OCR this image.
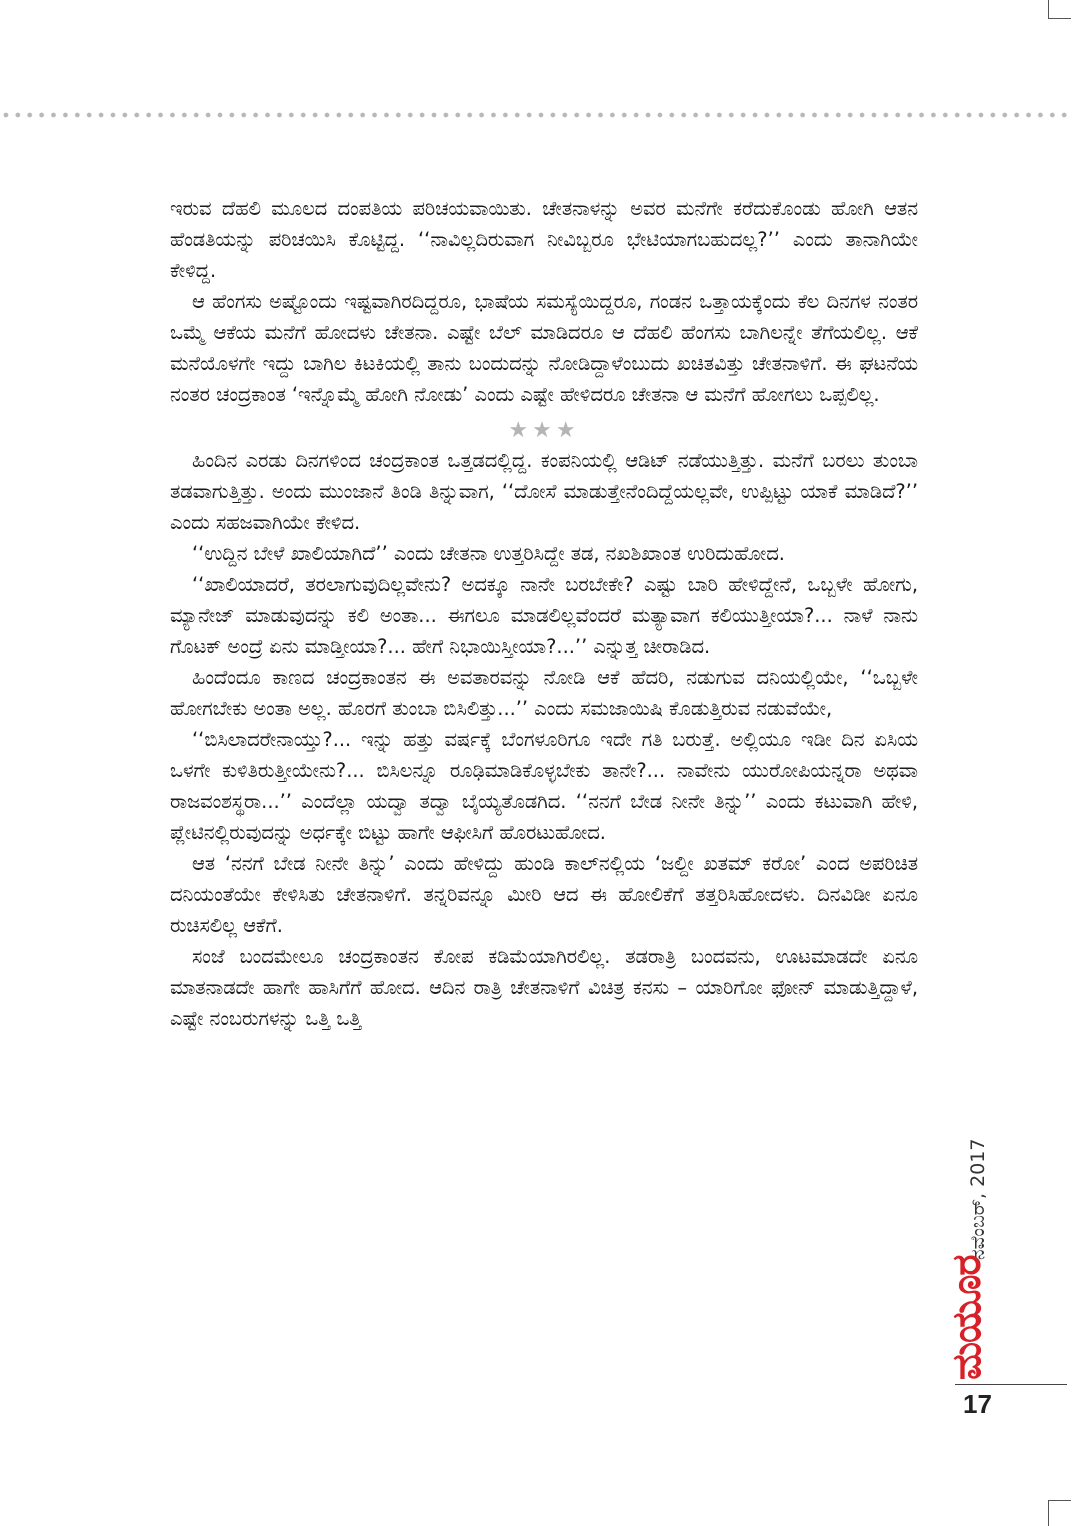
ಇರುವ ದೆಹಲಿ ಮೂಲದ ದಂಪತಿಯ ಪರಿಚಯವಾಯಿತು. ಚೇತನಾಳನ್ನು ಅವರ ಮನೆಗೇ ಕರೆದುಕೊಂಡು ಹೋಗಿ ಆತನ ಹೆಂಡತಿಯನ್ನು ಪರಿಚಯಿಸಿ ಕೊಟ್ಟಿದ್ದ. ‘‘ನಾವಿಲ್ಲದಿರುವಾಗ ನೀವಿಬ್ಬರೂ ಭೇಟಿಯಾಗಬಹುದಲ್ಲ?’’ ಎಂದು ತಾನಾಗಿಯೇ ಕೇಳಿದ್ದ.

ಆ ಹೆಂಗಸು ಅಷ್ಟೊಂದು ಇಷ್ಟವಾಗಿರದಿದ್ದರೂ, ಭಾಷೆಯ ಸಮಸ್ಯೆಯಿದ್ದರೂ, ಗಂಡನ ಒತ್ತಾಯಕ್ಕೆಂದು ಕೆಲ ದಿನಗಳ ನಂತರ ಒಮ್ಮೆ ಆಕೆಯ ಮನೆಗೆ ಹೋದಳು ಚೇತನಾ. ಎಷ್ಟೇ ಬೆಲ್ ಮಾಡಿದರೂ ಆ ದೆಹಲಿ ಹೆಂಗಸು ಬಾಗಿಲನ್ನೇ ತೆಗೆಯಲಿಲ್ಲ. ಆಕೆ ಮನೆಯೊಳಗೇ ಇದ್ದು ಬಾಗಿಲ ಕಿಟಕಿಯಲ್ಲಿ ತಾನು ಬಂದುದನ್ನು ನೋಡಿದ್ದಾಳೆಂಬುದು ಖಚಿತವಿತ್ತು ಚೇತನಾಳಿಗೆ. ಈ ಘಟನೆಯ ನಂತರ ಚಂದ್ರಕಾಂತ ‘ಇನ್ನೊಮ್ಮೆ ಹೋಗಿ ನೋಡು’ ಎಂದು ಎಷ್ಟೇ ಹೇಳಿದರೂ ಚೇತನಾ ಆ ಮನೆಗೆ ಹೋಗಲು ಒಪ್ಪಲಿಲ್ಲ.

★★★

ಹಿಂದಿನ ಎರಡು ದಿನಗಳಿಂದ ಚಂದ್ರಕಾಂತ ಒತ್ತಡದಲ್ಲಿದ್ದ. ಕಂಪನಿಯಲ್ಲಿ ಆಡಿಟ್ ನಡೆಯುತ್ತಿತ್ತು. ಮನೆಗೆ ಬರಲು ತುಂಬಾ ತಡವಾಗುತ್ತಿತ್ತು. ಅಂದು ಮುಂಜಾನೆ ತಿಂಡಿ ತಿನ್ನುವಾಗ, ‘‘ದೋಸೆ ಮಾಡುತ್ತೇನೆಂದಿದ್ದೆಯಲ್ಲವೇ, ಉಪ್ಪಿಟ್ಟು ಯಾಕೆ ಮಾಡಿದೆ?’’ ಎಂದು ಸಹಜವಾಗಿಯೇ ಕೇಳಿದ.

‘‘ಉದ್ದಿನ ಬೇಳೆ ಖಾಲಿಯಾಗಿದೆ’’ ಎಂದು ಚೇತನಾ ಉತ್ತರಿಸಿದ್ದೇ ತಡ, ನಖಶಿಖಾಂತ ಉರಿದುಹೋದ.

‘‘ಖಾಲಿಯಾದರೆ, ತರಲಾಗುವುದಿಲ್ಲವೇನು? ಅದಕ್ಕೂ ನಾನೇ ಬರಬೇಕೇ? ಎಷ್ಟು ಬಾರಿ ಹೇಳಿದ್ದೇನೆ, ಒಬ್ಬಳೇ ಹೋಗು, ಮ್ಯಾನೇಜ್ ಮಾಡುವುದನ್ನು ಕಲಿ ಅಂತಾ... ಈಗಲೂ ಮಾಡಲಿಲ್ಲವೆಂದರೆ ಮತ್ಯಾವಾಗ ಕಲಿಯುತ್ತೀಯಾ?... ನಾಳೆ ನಾನು ಗೊಟಕ್ ಅಂದ್ರೆ ಏನು ಮಾಡ್ತೀಯಾ?... ಹೇಗೆ ನಿಭಾಯಿಸ್ತೀಯಾ?...’’ ಎನ್ನುತ್ತ ಚೀರಾಡಿದ.

ಹಿಂದೆಂದೂ ಕಾಣದ ಚಂದ್ರಕಾಂತನ ಈ ಅವತಾರವನ್ನು ನೋಡಿ ಆಕೆ ಹೆದರಿ, ನಡುಗುವ ದನಿಯಲ್ಲಿಯೇ, ‘‘ಒಬ್ಬಳೇ ಹೋಗಬೇಕು ಅಂತಾ ಅಲ್ಲ. ಹೊರಗೆ ತುಂಬಾ ಬಿಸಿಲಿತ್ತು...’’ ಎಂದು ಸಮಜಾಯಿಷಿ ಕೊಡುತ್ತಿರುವ ನಡುವೆಯೇ,

‘‘ಬಿಸಿಲಾದರೇನಾಯ್ತು?... ಇನ್ನು ಹತ್ತು ವರ್ಷಕ್ಕೆ ಬೆಂಗಳೂರಿಗೂ ಇದೇ ಗತಿ ಬರುತ್ತೆ. ಅಲ್ಲಿಯೂ ಇಡೀ ದಿನ ಏಸಿಯ ಒಳಗೇ ಕುಳಿತಿರುತ್ತೀಯೇನು?... ಬಿಸಿಲನ್ನೂ ರೂಢಿಮಾಡಿಕೊಳ್ಳಬೇಕು ತಾನೇ?... ನಾವೇನು ಯುರೋಪಿಯನ್ನರಾ ಅಥವಾ ರಾಜವಂಶಸ್ಥರಾ...’’ ಎಂದೆಲ್ಲಾ ಯದ್ವಾ ತದ್ವಾ ಬೈಯ್ಯತೊಡಗಿದ. ‘‘ನನಗೆ ಬೇಡ ನೀನೇ ತಿನ್ನು’’ ಎಂದು ಕಟುವಾಗಿ ಹೇಳಿ, ಪ್ಲೇಟಿನಲ್ಲಿರುವುದನ್ನು ಅರ್ಧಕ್ಕೇ ಬಿಟ್ಟು ಹಾಗೇ ಆಫೀಸಿಗೆ ಹೊರಟುಹೋದ.

ಆತ ‘ನನಗೆ ಬೇಡ ನೀನೇ ತಿನ್ನು’ ಎಂದು ಹೇಳಿದ್ದು ಹುಂಡಿ ಕಾಲ್‌ನಲ್ಲಿಯ ‘ಜಲ್ದೀ ಖತಮ್ ಕರೋ’ ಎಂದ ಅಪರಿಚಿತ ದನಿಯಂತೆಯೇ ಕೇಳಿಸಿತು ಚೇತನಾಳಿಗೆ. ತನ್ನರಿವನ್ನೂ ಮೀರಿ ಆದ ಈ ಹೋಲಿಕೆಗೆ ತತ್ತರಿಸಿಹೋದಳು. ದಿನವಿಡೀ ಏನೂ ರುಚಿಸಲಿಲ್ಲ ಆಕೆಗೆ.

ಸಂಜೆ ಬಂದಮೇಲೂ ಚಂದ್ರಕಾಂತನ ಕೋಪ ಕಡಿಮೆಯಾಗಿರಲಿಲ್ಲ. ತಡರಾತ್ರಿ ಬಂದವನು, ಊಟಮಾಡದೇ ಏನೂ ಮಾತನಾಡದೇ ಹಾಗೇ ಹಾಸಿಗೆಗೆ ಹೋದ. ಆದಿನ ರಾತ್ರಿ ಚೇತನಾಳಿಗೆ ವಿಚಿತ್ರ ಕನಸು – ಯಾರಿಗೋ ಫೋನ್ ಮಾಡುತ್ತಿದ್ದಾಳೆ, ಎಷ್ಟೇ ನಂಬರುಗಳನ್ನು ಒತ್ತಿ ಒತ್ತಿ

ನವೆಂಬರ್, 2017
ಮಯೂರ
17
